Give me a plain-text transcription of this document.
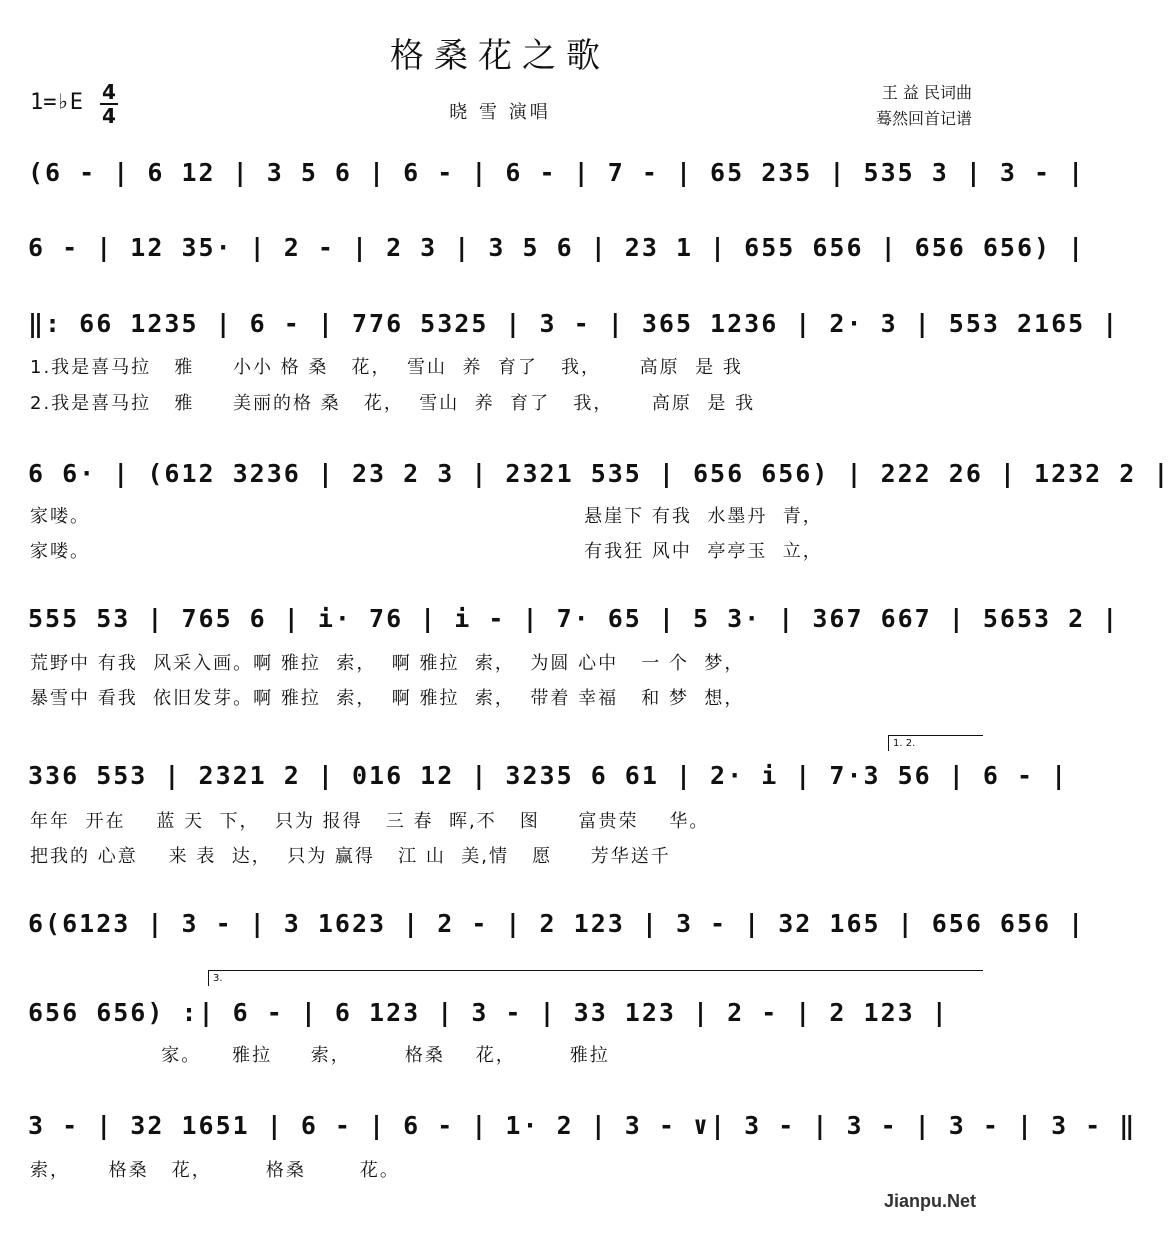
格桑花之歌
1=♭E 4
4	晓 雪 演唱
王 益 民词曲
蓦然回首记谱
(6 - | 6 12 | 3 5 6 | 6 - | 6 - | 7 - | 65 235 | 535 3 | 3 - |
6 - | 12 35· | 2 - | 2 3 | 3 5 6 | 23 1 | 655 656 | 656 656) |
‖: 66 1235 | 6 - | 776 5325 | 3 - | 365 1236 | 2· 3 | 553 2165 |
1.我是喜马拉   雅     小小 格 桑   花，  雪山  养  育了   我，     高原  是 我
2.我是喜马拉   雅     美丽的格 桑   花，  雪山  养  育了   我，     高原  是 我
6 6· | (612 3236 | 23 2 3 | 2321 535 | 656 656) | 222 26 | 1232 2 |
家喽。                                                                悬崖下 有我  水墨丹  青，
家喽。                                                                有我狂 风中  亭亭玉  立，
555 53 | 765 6 | i· 76 | i - | 7· 65 | 5 3· | 367 667 | 5653 2 |
荒野中 有我  风采入画。啊 雅拉  索，  啊 雅拉  索，  为圆 心中   一 个  梦，
暴雪中 看我  依旧发芽。啊 雅拉  索，  啊 雅拉  索，  带着 幸福   和 梦  想，
1. 2.
336 553 | 2321 2 | 016 12 | 3235 6 61 | 2· i | 7·3 56 | 6 - |
年年  开在    蓝 天  下，  只为 报得   三 春  晖,不   图     富贵荣    华。
把我的 心意    来 表  达，  只为 赢得   江 山  美,情   愿     芳华送千
6(6123 | 3 - | 3 1623 | 2 - | 2 123 | 3 - | 32 165 | 656 656 |
3.
656 656) :| 6 - | 6 123 | 3 - | 33 123 | 2 - | 2 123 |
家。    雅拉     索，       格桑    花，       雅拉
3 - | 32 1651 | 6 - | 6 - | 1· 2 | 3 - ∨| 3 - | 3 - | 3 - | 3 - ‖
索，     格桑   花，       格桑       花。
Jianpu.Net
